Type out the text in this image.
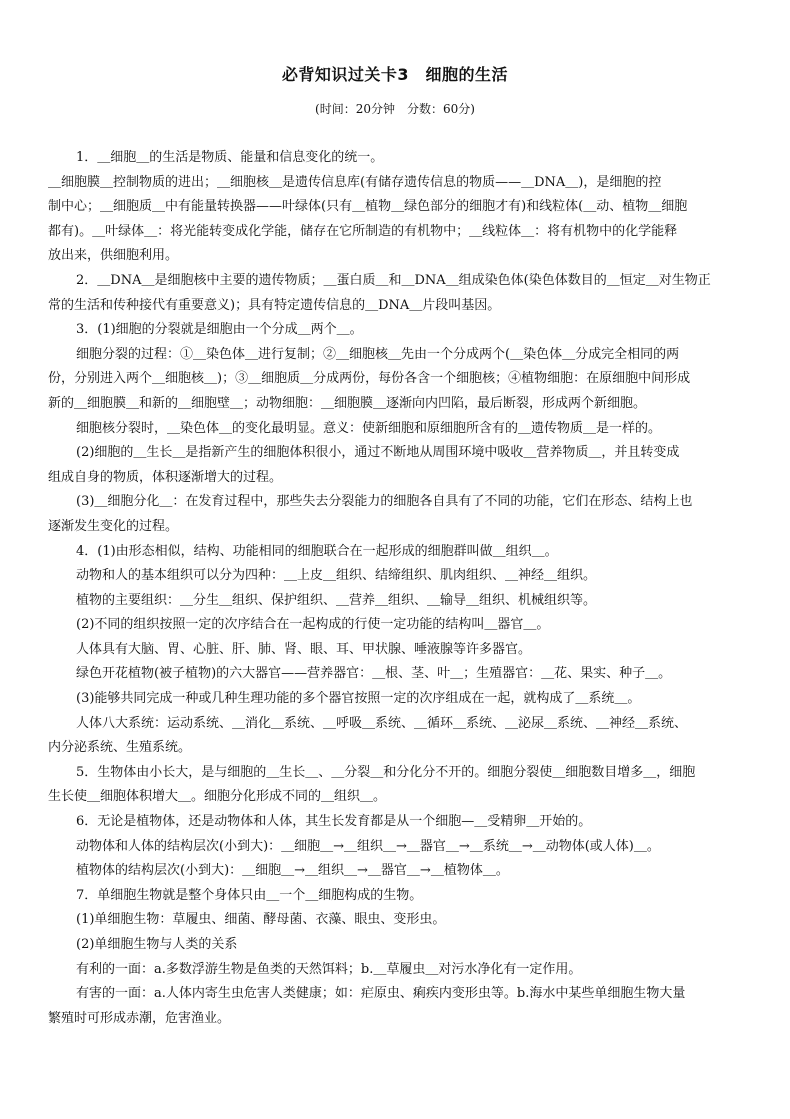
必背知识过关卡3　细胞的生活
(时间：20分钟　分数：60分)
1．＿细胞＿的生活是物质、能量和信息变化的统一。
＿细胞膜＿控制物质的进出；＿细胞核＿是遗传信息库(有储存遗传信息的物质——＿DNA＿)，是细胞的控
制中心；＿细胞质＿中有能量转换器——叶绿体(只有＿植物＿绿色部分的细胞才有)和线粒体(＿动、植物＿细胞
都有)。＿叶绿体＿：将光能转变成化学能，储存在它所制造的有机物中；＿线粒体＿：将有机物中的化学能释
放出来，供细胞利用。
2．＿DNA＿是细胞核中主要的遗传物质；＿蛋白质＿和＿DNA＿组成染色体(染色体数目的＿恒定＿对生物正
常的生活和传种接代有重要意义)；具有特定遗传信息的＿DNA＿片段叫基因。
3．(1)细胞的分裂就是细胞由一个分成＿两个＿。
细胞分裂的过程：①＿染色体＿进行复制；②＿细胞核＿先由一个分成两个(＿染色体＿分成完全相同的两
份，分别进入两个＿细胞核＿)；③＿细胞质＿分成两份，每份各含一个细胞核；④植物细胞：在原细胞中间形成
新的＿细胞膜＿和新的＿细胞壁＿；动物细胞：＿细胞膜＿逐渐向内凹陷，最后断裂，形成两个新细胞。
细胞核分裂时，＿染色体＿的变化最明显。意义：使新细胞和原细胞所含有的＿遗传物质＿是一样的。
(2)细胞的＿生长＿是指新产生的细胞体积很小，通过不断地从周围环境中吸收＿营养物质＿，并且转变成
组成自身的物质，体积逐渐增大的过程。
(3)＿细胞分化＿：在发育过程中，那些失去分裂能力的细胞各自具有了不同的功能，它们在形态、结构上也
逐渐发生变化的过程。
4．(1)由形态相似，结构、功能相同的细胞联合在一起形成的细胞群叫做＿组织＿。
动物和人的基本组织可以分为四种：＿上皮＿组织、结缔组织、肌肉组织、＿神经＿组织。
植物的主要组织：＿分生＿组织、保护组织、＿营养＿组织、＿输导＿组织、机械组织等。
(2)不同的组织按照一定的次序结合在一起构成的行使一定功能的结构叫＿器官＿。
人体具有大脑、胃、心脏、肝、肺、肾、眼、耳、甲状腺、唾液腺等许多器官。
绿色开花植物(被子植物)的六大器官——营养器官：＿根、茎、叶＿；生殖器官：＿花、果实、种子＿。
(3)能够共同完成一种或几种生理功能的多个器官按照一定的次序组成在一起，就构成了＿系统＿。
人体八大系统：运动系统、＿消化＿系统、＿呼吸＿系统、＿循环＿系统、＿泌尿＿系统、＿神经＿系统、
内分泌系统、生殖系统。
5．生物体由小长大，是与细胞的＿生长＿、＿分裂＿和分化分不开的。细胞分裂使＿细胞数目增多＿，细胞
生长使＿细胞体积增大＿。细胞分化形成不同的＿组织＿。
6．无论是植物体，还是动物体和人体，其生长发育都是从一个细胞—＿受精卵＿开始的。
动物体和人体的结构层次(小到大)：＿细胞＿→＿组织＿→＿器官＿→＿系统＿→＿动物体(或人体)＿。
植物体的结构层次(小到大)：＿细胞＿→＿组织＿→＿器官＿→＿植物体＿。
7．单细胞生物就是整个身体只由＿一个＿细胞构成的生物。
(1)单细胞生物：草履虫、细菌、酵母菌、衣藻、眼虫、变形虫。
(2)单细胞生物与人类的关系
有利的一面：a.多数浮游生物是鱼类的天然饵料；b.＿草履虫＿对污水净化有一定作用。
有害的一面：a.人体内寄生虫危害人类健康；如：疟原虫、痢疾内变形虫等。b.海水中某些单细胞生物大量
繁殖时可形成赤潮，危害渔业。
